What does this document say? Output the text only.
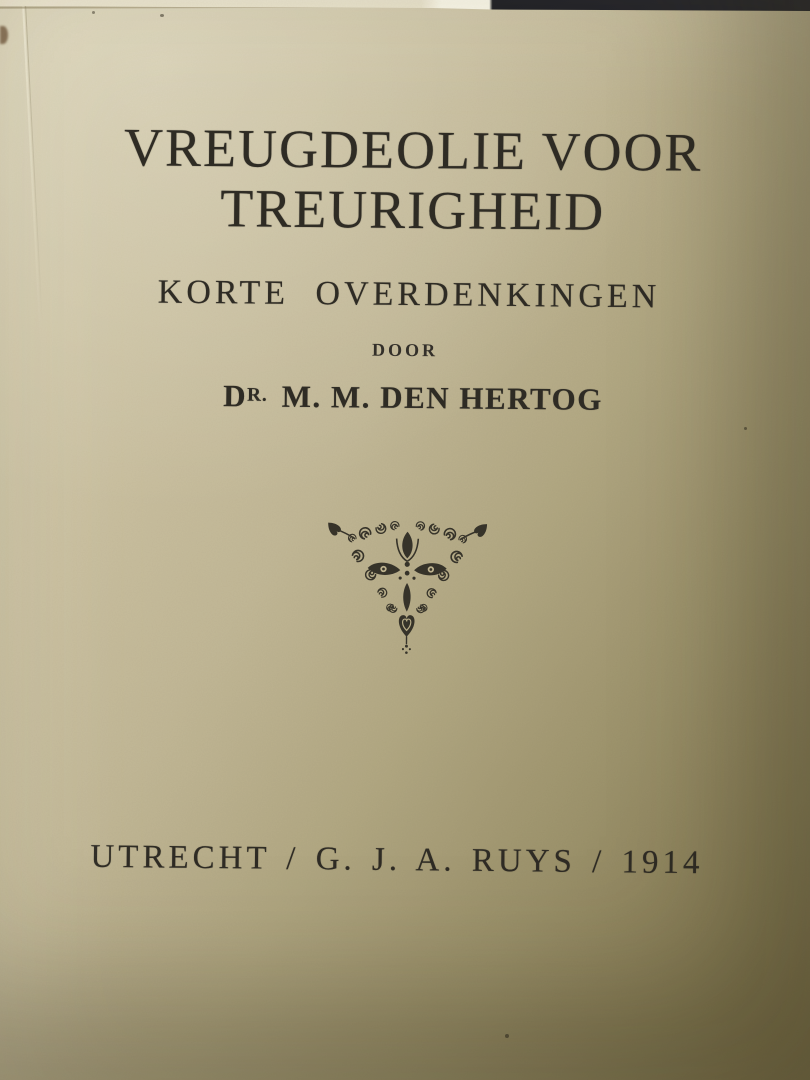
VREUGDEOLIE VOOR
TREURIGHEID
KORTE OVERDENKINGEN
DOOR
$D^{R.}$ M. M. DEN HERTOG
UTRECHT / G. J. A. RUYS / 1914
